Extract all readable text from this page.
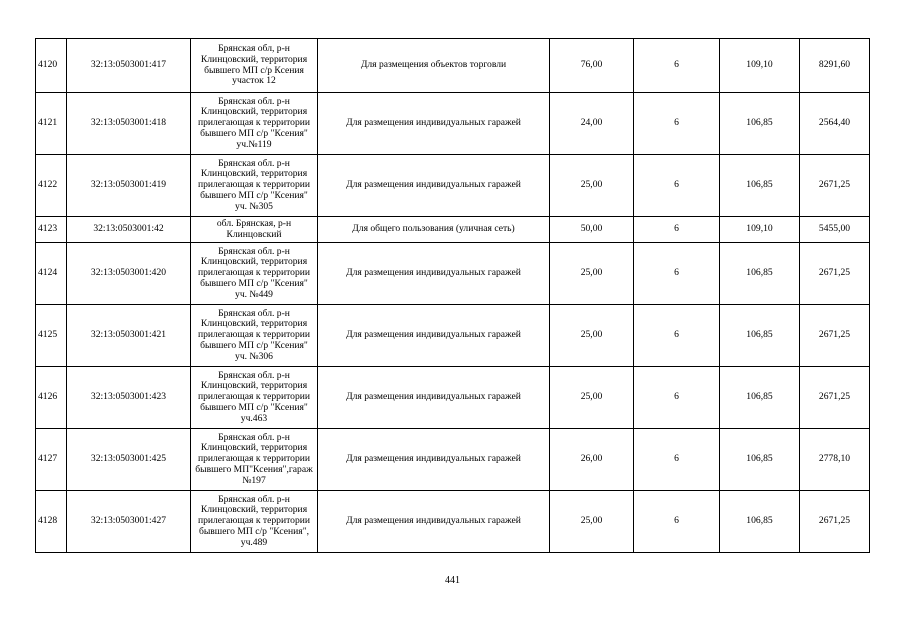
4120	32:13:0503001:417	Брянская обл, р-н Клинцовский, территория бывшего МП с/р Ксения участок 12	Для размещения объектов торговли	76,00	6	109,10	8291,60
4121	32:13:0503001:418	Брянская обл. р-н Клинцовский, территория прилегающая к территории бывшего МП с/р "Ксения" уч.№119	Для размещения индивидуальных гаражей	24,00	6	106,85	2564,40
4122	32:13:0503001:419	Брянская обл. р-н Клинцовский, территория прилегающая к территории бывшего МП с/р "Ксения" уч. №305	Для размещения индивидуальных гаражей	25,00	6	106,85	2671,25
4123	32:13:0503001:42	обл. Брянская, р-н Клинцовский	Для общего пользования (уличная сеть)	50,00	6	109,10	5455,00
4124	32:13:0503001:420	Брянская обл. р-н Клинцовский, территория прилегающая к территории бывшего МП с/р "Ксения" уч. №449	Для размещения индивидуальных гаражей	25,00	6	106,85	2671,25
4125	32:13:0503001:421	Брянская обл. р-н Клинцовский, территория прилегающая к территории бывшего МП с/р "Ксения" уч. №306	Для размещения индивидуальных гаражей	25,00	6	106,85	2671,25
4126	32:13:0503001:423	Брянская обл. р-н Клинцовский, территория прилегающая к территории бывшего МП с/р "Ксения" уч.463	Для размещения индивидуальных гаражей	25,00	6	106,85	2671,25
4127	32:13:0503001:425	Брянская обл. р-н Клинцовский, территория прилегающая к территории бывшего МП"Ксения",гараж №197	Для размещения индивидуальных гаражей	26,00	6	106,85	2778,10
4128	32:13:0503001:427	Брянская обл. р-н Клинцовский, территория прилегающая к территории бывшего МП с/р "Ксения", уч.489	Для размещения индивидуальных гаражей	25,00	6	106,85	2671,25
441
